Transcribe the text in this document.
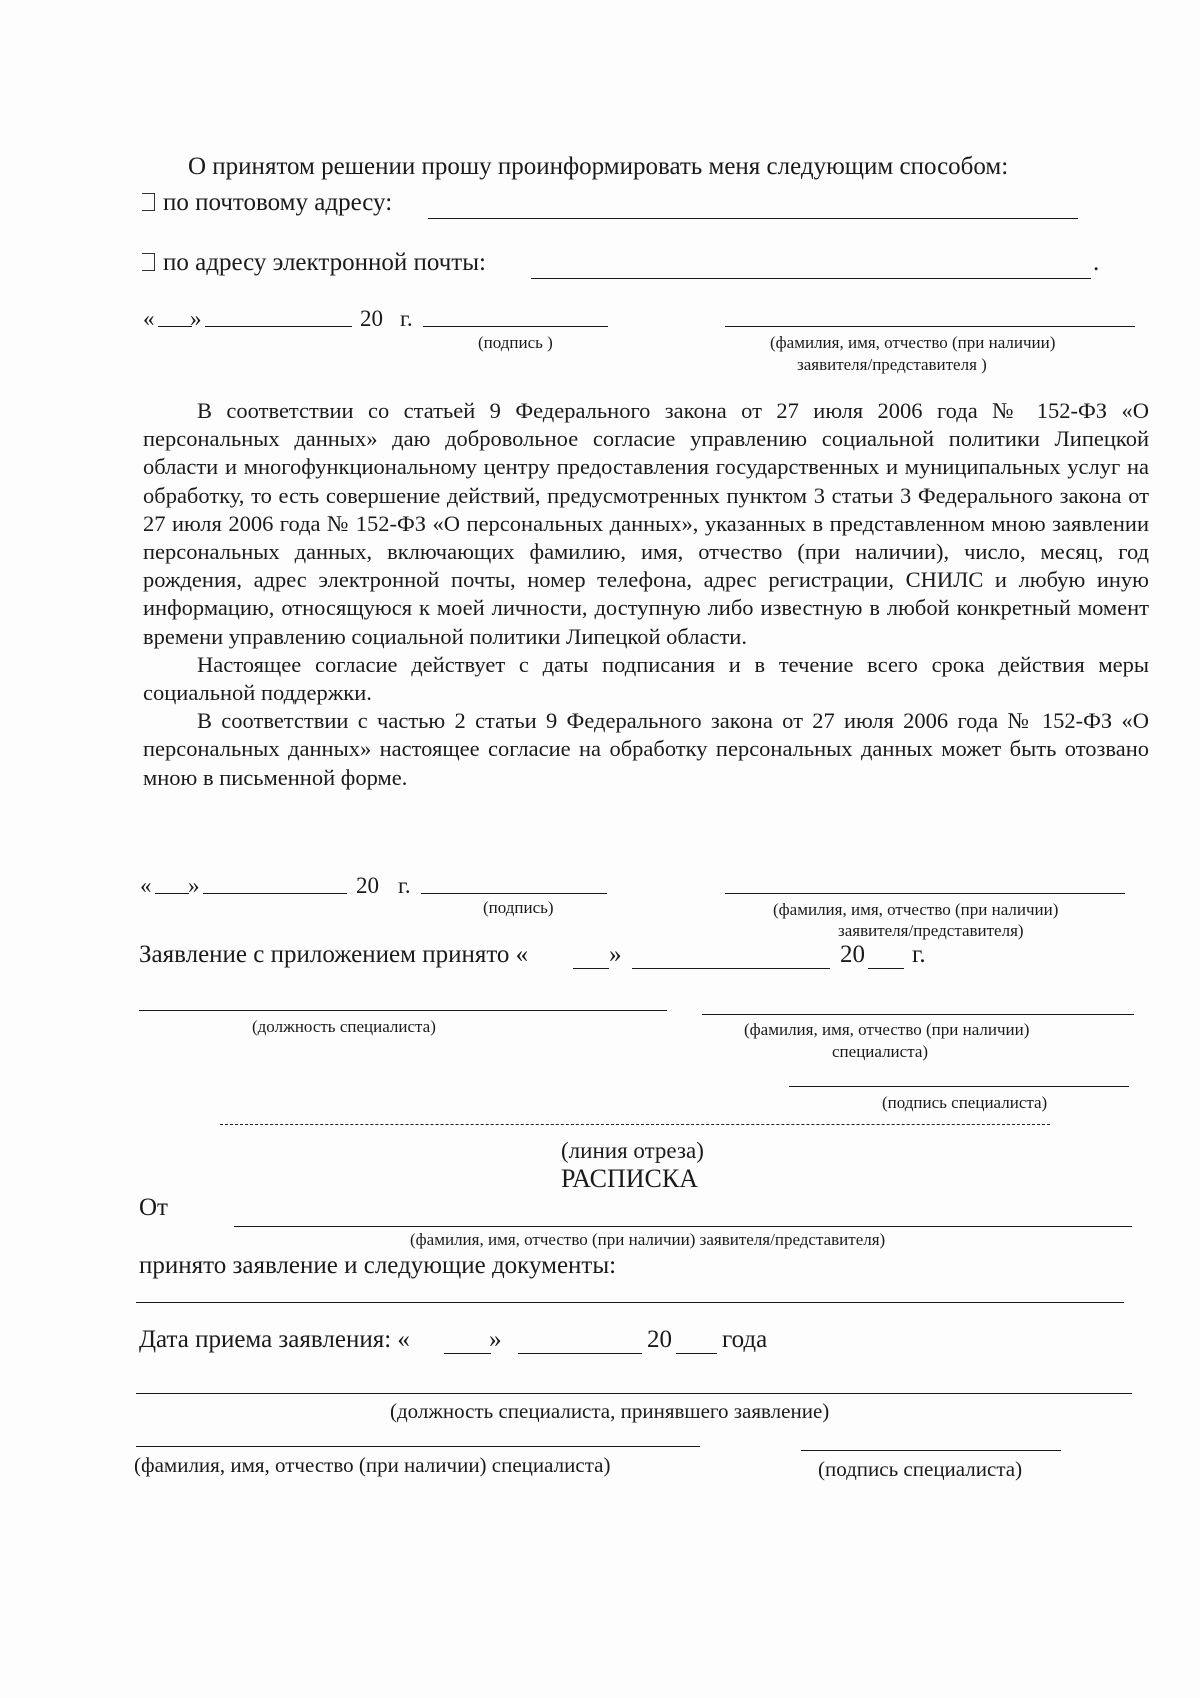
О принятом решении прошу проинформировать меня следующим способом:
по почтовому адресу:
по адресу электронной почты:	.
« »	20 г.
(подпись )	(фамилия, имя, отчество (при наличии)
заявителя/представителя )

В соответствии со статьей 9 Федерального закона от 27 июля 2006 года № 152-ФЗ «О персональных данных» даю добровольное согласие управлению социальной политики Липецкой области и многофункциональному центру предоставления государственных и муниципальных услуг на обработку, то есть совершение действий, предусмотренных пунктом 3 статьи 3 Федерального закона от 27 июля 2006 года № 152-ФЗ «О персональных данных», указанных в представленном мною заявлении персональных данных, включающих фамилию, имя, отчество (при наличии), число, месяц, год рождения, адрес электронной почты, номер телефона, адрес регистрации, СНИЛС и любую иную информацию, относящуюся к моей личности, доступную либо известную в любой конкретный момент времени управлению социальной политики Липецкой области.

Настоящее согласие действует с даты подписания и в течение всего срока действия меры социальной поддержки.

В соответствии с частью 2 статьи 9 Федерального закона от 27 июля 2006 года № 152-ФЗ «О персональных данных» настоящее согласие на обработку персональных данных может быть отозвано мною в письменной форме.

« »	20 г.
(подпись)	(фамилия, имя, отчество (при наличии)
заявителя/представителя)
Заявление с приложением принято «	»	20 г.
(должность специалиста)	(фамилия, имя, отчество (при наличии)
специалиста)
(подпись специалиста)
(линия отреза)
РАСПИСКА
От
(фамилия, имя, отчество (при наличии) заявителя/представителя)
принято заявление и следующие документы:
Дата приема заявления: «	»	20 года
(должность специалиста, принявшего заявление)
(фамилия, имя, отчество (при наличии) специалиста)	(подпись специалиста)
